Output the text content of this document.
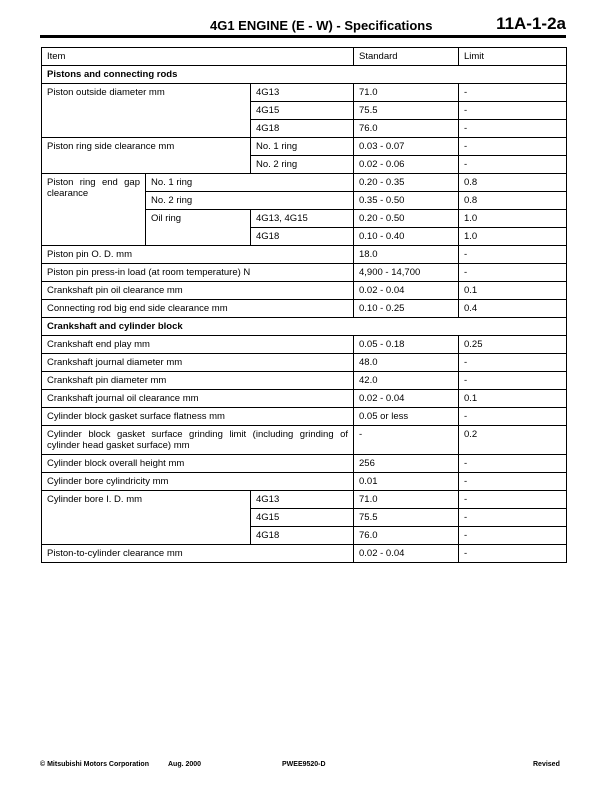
4G1 ENGINE (E - W) - Specifications	11A-1-2a
Item			Standard	Limit
Pistons and connecting rods				
Piston outside diameter mm		4G13	71.0	-
		4G15	75.5	-
		4G18	76.0	-
Piston ring side clearance mm		No. 1 ring	0.03 - 0.07	-
		No. 2 ring	0.02 - 0.06	-
Piston ring end gap clearance	No. 1 ring		0.20 - 0.35	0.8
	No. 2 ring		0.35 - 0.50	0.8
	Oil ring	4G13, 4G15	0.20 - 0.50	1.0
		4G18	0.10 - 0.40	1.0
Piston pin O. D. mm			18.0	-
Piston pin press-in load (at room temperature) N			4,900 - 14,700	-
Crankshaft pin oil clearance mm			0.02 - 0.04	0.1
Connecting rod big end side clearance mm			0.10 - 0.25	0.4
Crankshaft and cylinder block				
Crankshaft end play mm			0.05 - 0.18	0.25
Crankshaft journal diameter mm			48.0	-
Crankshaft pin diameter mm			42.0	-
Crankshaft journal oil clearance mm			0.02 - 0.04	0.1
Cylinder block gasket surface flatness mm			0.05 or less	-
Cylinder block gasket surface grinding limit (including grinding of cylinder head gasket surface) mm			-	0.2
Cylinder block overall height mm			256	-
Cylinder bore cylindricity mm			0.01	-
Cylinder bore I. D. mm		4G13	71.0	-
		4G15	75.5	-
		4G18	76.0	-
Piston-to-cylinder clearance mm			0.02 - 0.04	-
© Mitsubishi Motors Corporation	Aug. 2000	PWEE9520-D	Revised
